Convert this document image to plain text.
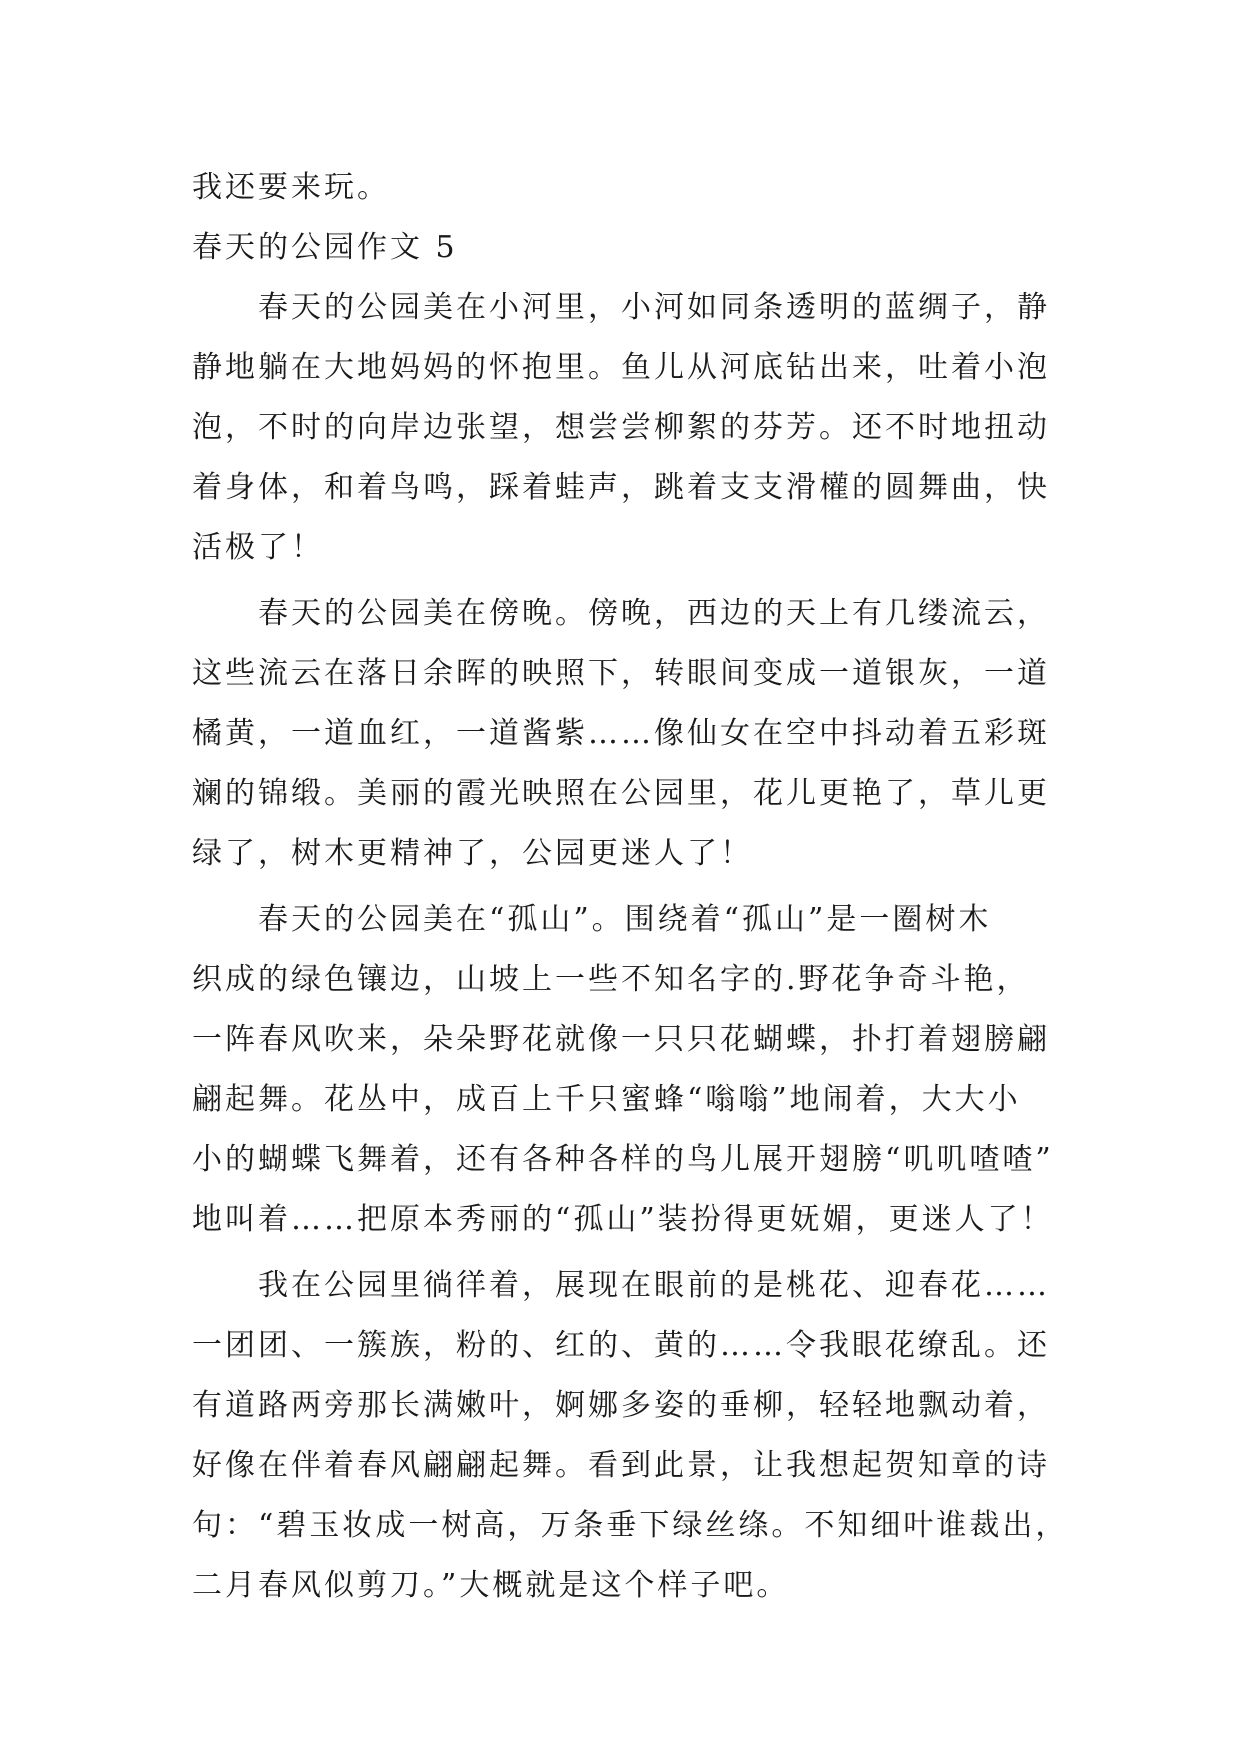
我还要来玩。

春天的公园作文 5

春天的公园美在小河里，小河如同条透明的蓝绸子，静

静地躺在大地妈妈的怀抱里。鱼儿从河底钻出来，吐着小泡

泡，不时的向岸边张望，想尝尝柳絮的芬芳。还不时地扭动

着身体，和着鸟鸣，踩着蛙声，跳着支支滑權的圆舞曲，快

活极了！

春天的公园美在傍晚。傍晚，西边的天上有几缕流云，

这些流云在落日余晖的映照下，转眼间变成一道银灰，一道

橘黄，一道血红，一道酱紫……像仙女在空中抖动着五彩斑

斓的锦缎。美丽的霞光映照在公园里，花儿更艳了，草儿更

绿了，树木更精神了，公园更迷人了！

春天的公园美在“孤山”。围绕着“孤山”是一圈树木

织成的绿色镶边，山坡上一些不知名字的.野花争奇斗艳，

一阵春风吹来，朵朵野花就像一只只花蝴蝶，扑打着翅膀翩

翩起舞。花丛中，成百上千只蜜蜂“嗡嗡”地闹着，大大小

小的蝴蝶飞舞着，还有各种各样的鸟儿展开翅膀“叽叽喳喳”

地叫着……把原本秀丽的“孤山”装扮得更妩媚，更迷人了！

我在公园里徜徉着，展现在眼前的是桃花、迎春花……

一团团、一簇族，粉的、红的、黄的……令我眼花缭乱。还

有道路两旁那长满嫩叶，婀娜多姿的垂柳，轻轻地飘动着，

好像在伴着春风翩翩起舞。看到此景，让我想起贺知章的诗

句：“碧玉妆成一树高，万条垂下绿丝绦。不知细叶谁裁出，

二月春风似剪刀。”大概就是这个样子吧。
